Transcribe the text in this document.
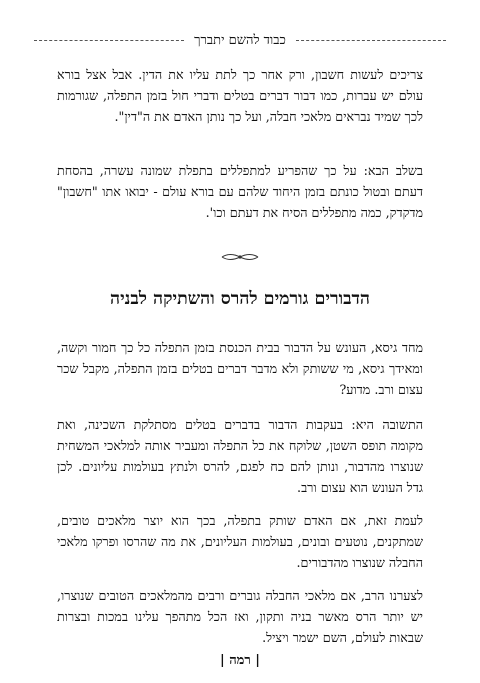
כבוד להשם יתברך

צריכים לעשות חשבון, ורק אחר כך לתת עליו את הדין. אבל אצל בורא עולם יש עברות, כמו דבור דברים בטלים ודברי חול בזמן התפלה, שגורמות לכך שמיד נבראים מלאכי חבלה, ועל כך נותן האדם את ה"דין".

בשלב הבא: על כך שהפריע למתפללים בתפלת שמונה עשרה, בהסחת דעתם ובטול כונתם בזמן היחוד שלהם עם בורא עולם - יבואו אתו "חשבון" מדקדק, כמה מתפללים הסיח את דעתם וכו'.

הדבורים גורמים להרס והשתיקה לבניה

מחד גיסא, העונש על הדבור בבית הכנסת בזמן התפלה כל כך חמור וקשה, ומאידך גיסא, מי ששותק ולא מדבר דברים בטלים בזמן התפלה, מקבל שכר עצום ורב. מדוע?

התשובה היא: בעקבות הדבור בדברים בטלים מסתלקת השכינה, ואת מקומה תופס השטן, שלוקח את כל התפלה ומעביר אותה למלאכי המשחית שנוצרו מהדבור, ונותן להם כח לפגם, להרס ולנתץ בעולמות עליונים. לכן גדל העונש הוא עצום ורב.

לעמת זאת, אם האדם שותק בתפלה, בכך הוא יוצר מלאכים טובים, שמתקנים, נוטעים ובונים, בעולמות העליונים, את מה שהרסו ופרקו מלאכי החבלה שנוצרו מהדבורים.

לצערנו הרב, אם מלאכי החבלה גוברים ורבים מהמלאכים הטובים שנוצרו, יש יותר הרס מאשר בניה ותקון, ואז הכל מתהפך עלינו במכות ובצרות שבאות לעולם, השם ישמר ויציל.

| רמה |
